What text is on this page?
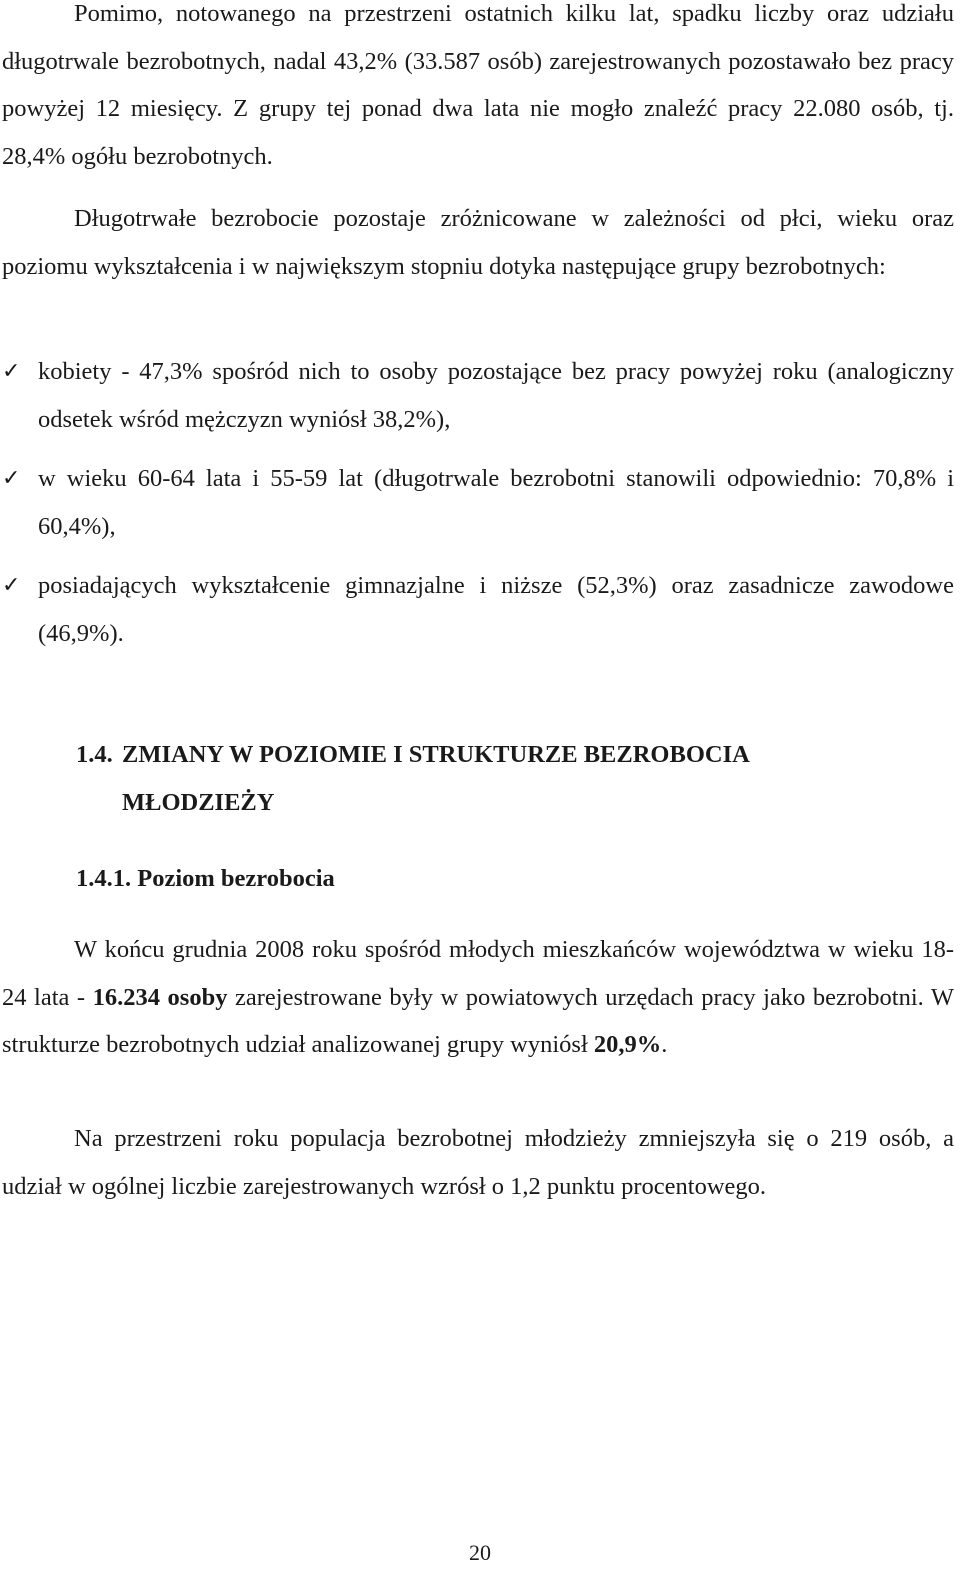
Pomimo, notowanego na przestrzeni ostatnich kilku lat, spadku liczby oraz udziału długotrwale bezrobotnych, nadal 43,2% (33.587 osób) zarejestrowanych pozostawało bez pracy powyżej 12 miesięcy. Z grupy tej ponad dwa lata nie mogło znaleźć pracy 22.080 osób, tj. 28,4% ogółu bezrobotnych.

Długotrwałe bezrobocie pozostaje zróżnicowane w zależności od płci, wieku oraz poziomu wykształcenia i w największym stopniu dotyka następujące grupy bezrobotnych:

✓ kobiety - 47,3% spośród nich to osoby pozostające bez pracy powyżej roku (analogiczny odsetek wśród mężczyzn wyniósł 38,2%),
✓ w wieku 60-64 lata i 55-59 lat (długotrwale bezrobotni stanowili odpowiednio: 70,8% i 60,4%),
✓ posiadających wykształcenie gimnazjalne i niższe (52,3%) oraz zasadnicze zawodowe (46,9%).
1.4. ZMIANY W POZIOMIE I STRUKTURZE BEZROBOCIA
MŁODZIEŻY
1.4.1. Poziom bezrobocia

W końcu grudnia 2008 roku spośród młodych mieszkańców województwa w wieku 18-24 lata - 16.234 osoby zarejestrowane były w powiatowych urzędach pracy jako bezrobotni. W strukturze bezrobotnych udział analizowanej grupy wyniósł 20,9%.

Na przestrzeni roku populacja bezrobotnej młodzieży zmniejszyła się o 219 osób, a udział w ogólnej liczbie zarejestrowanych wzrósł o 1,2 punktu procentowego.

20
